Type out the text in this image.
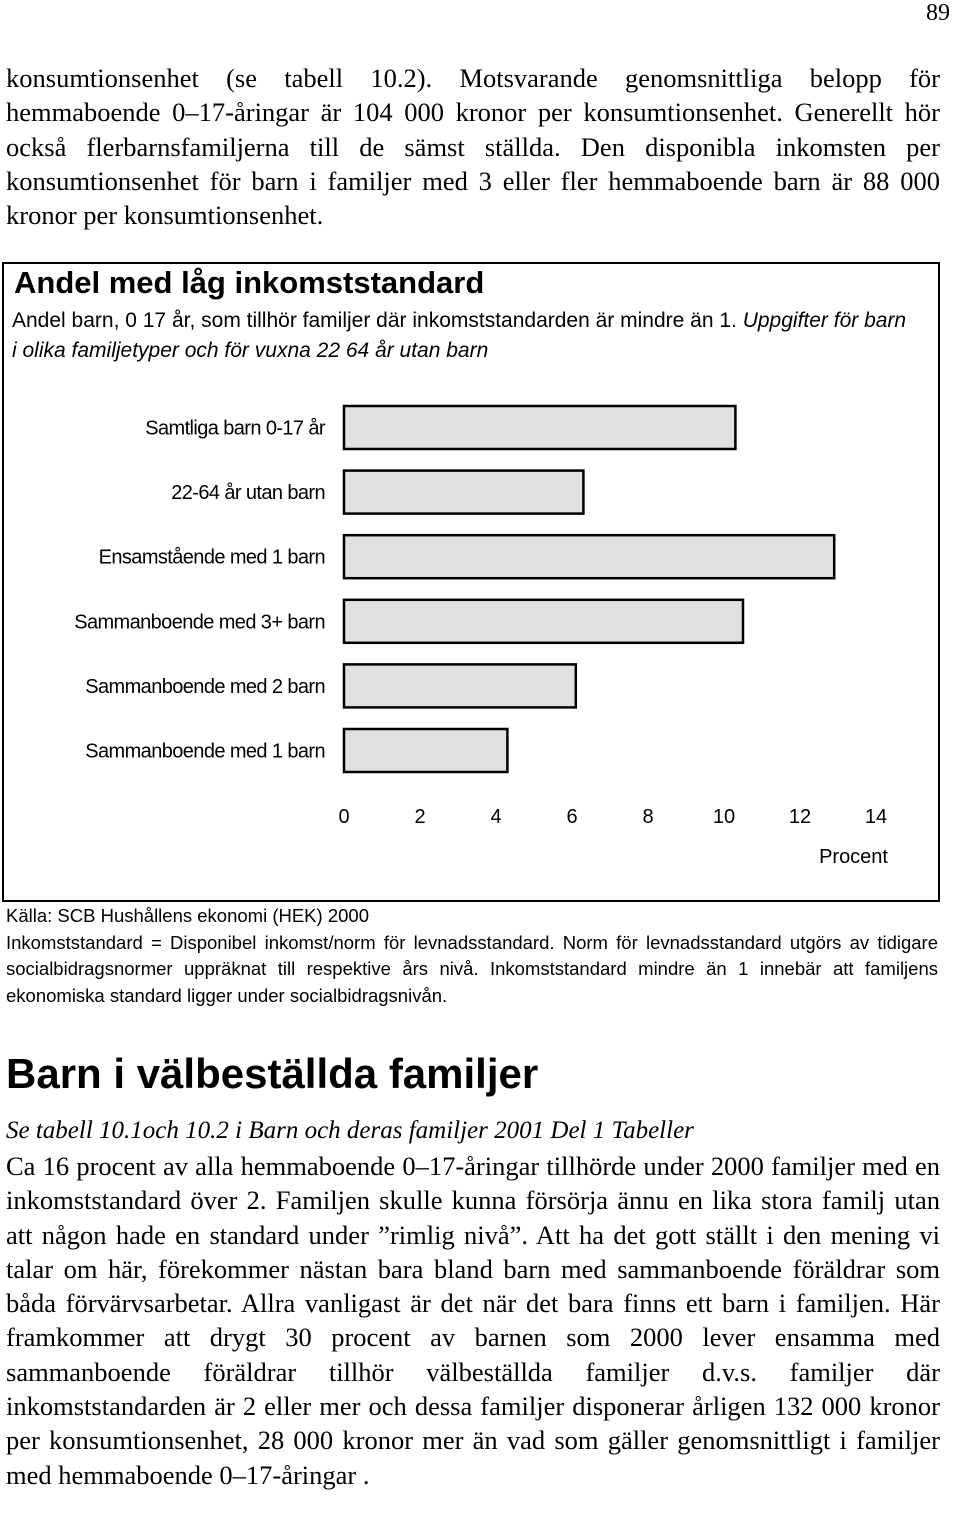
89

konsumtionsenhet (se tabell 10.2). Motsvarande genomsnittliga belopp för hemmaboende 0–17-åringar är 104 000 kronor per konsumtionsenhet. Generellt hör också flerbarnsfamiljerna till de sämst ställda. Den disponibla inkomsten per konsumtionsenhet för barn i familjer med 3 eller fler hemmaboende barn är 88 000 kronor per konsumtionsenhet.

Andel med låg inkomststandard

Andel barn, 0 17 år, som tillhör familjer där inkomststandarden är mindre än 1. Uppgifter för barn i olika familjetyper och för vuxna 22 64 år utan barn

Samtliga barn 0-17 år
22-64 år utan barn
Ensamstående med 1 barn
Sammanboende med 3+ barn
Sammanboende med 2 barn
Sammanboende med 1 barn
0	2	4	6	8	10	12	14
Procent
Källa: SCB Hushållens ekonomi (HEK) 2000
Inkomststandard = Disponibel inkomst/norm för levnadsstandard. Norm för levnadsstandard utgörs av tidigare socialbidragsnormer uppräknat till respektive års nivå. Inkomststandard mindre än 1 innebär att familjens ekonomiska standard ligger under socialbidragsnivån.
Barn i välbeställda familjer

Se tabell 10.1och 10.2 i Barn och deras familjer 2001 Del 1 Tabeller

Ca 16 procent av alla hemmaboende 0–17-åringar tillhörde under 2000 familjer med en inkomststandard över 2. Familjen skulle kunna försörja ännu en lika stora familj utan att någon hade en standard under ”rimlig nivå”. Att ha det gott ställt i den mening vi talar om här, förekommer nästan bara bland barn med sammanboende föräldrar som båda förvärvsarbetar. Allra vanligast är det när det bara finns ett barn i familjen. Här framkommer att drygt 30 procent av barnen som 2000 lever ensamma med sammanboende föräldrar tillhör välbeställda familjer d.v.s. familjer där inkomststandarden är 2 eller mer och dessa familjer disponerar årligen 132 000 kronor per konsumtionsenhet, 28 000 kronor mer än vad som gäller genomsnittligt i familjer med hemmaboende 0–17-åringar .
